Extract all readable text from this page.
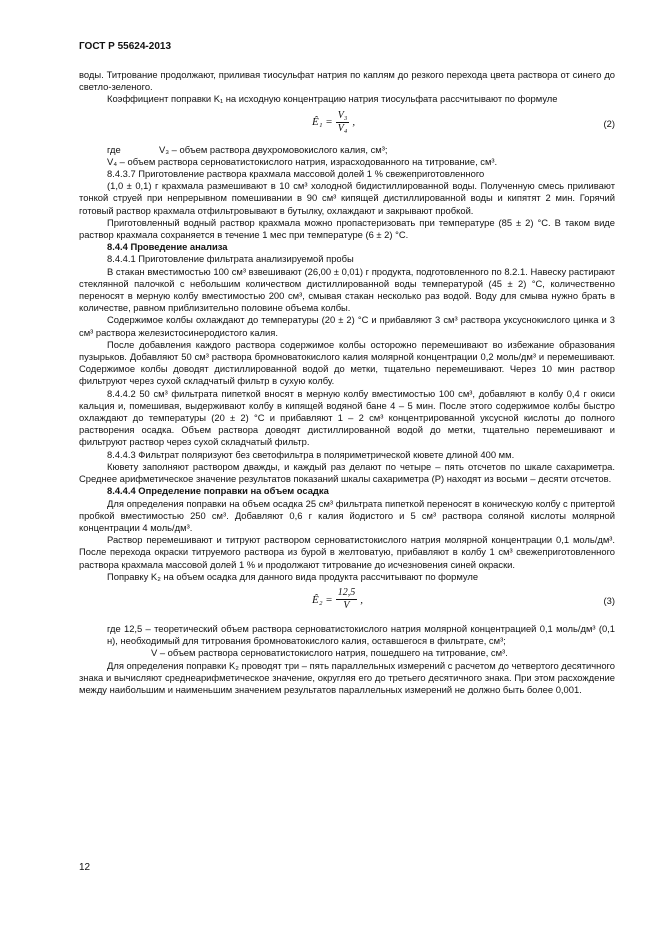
ГОСТ Р 55624-2013

воды. Титрование продолжают, приливая тиосульфат натрия по каплям до резкого перехода цвета раствора от синего до светло-зеленого.

Коэффициент поправки K₁ на исходную концентрацию натрия тиосульфата рассчитывают по формуле

Ê₁ = $\frac{\text{V₃}}{\text{V₄}}$ ,	(2)
где	V₃ – объем раствора двухромовокислого калия, см³;

V₄ – объем раствора серноватистокислого натрия, израсходованного на титрование, см³.

8.4.3.7 Приготовление раствора крахмала массовой долей 1 % свежеприготовленного

(1,0 ± 0,1) г крахмала размешивают в 10 см³ холодной бидистиллированной воды. Полученную смесь приливают тонкой струей при непрерывном помешивании в 90 см³ кипящей дистиллированной воды и кипятят 2 мин. Горячий готовый раствор крахмала отфильтровывают в бутылку, охлаждают и закрывают пробкой.

Приготовленный водный раствор крахмала можно пропастеризовать при температуре (85 ± 2) °С. В таком виде раствор крахмала сохраняется в течение 1 мес при температуре (6 ± 2) °С.

8.4.4 Проведение анализа

8.4.4.1 Приготовление фильтрата анализируемой пробы

В стакан вместимостью 100 см³ взвешивают (26,00 ± 0,01) г продукта, подготовленного по 8.2.1. Навеску растирают стеклянной палочкой с небольшим количеством дистиллированной воды температурой (45 ± 2) °С, количественно переносят в мерную колбу вместимостью 200 см³, смывая стакан несколько раз водой. Воду для смыва нужно брать в количестве, равном приблизительно половине объема колбы.

Содержимое колбы охлаждают до температуры (20 ± 2) °С и прибавляют 3 см³ раствора уксуснокислого цинка и 3 см³ раствора железистосинеродистого калия.

После добавления каждого раствора содержимое колбы осторожно перемешивают во избежание образования пузырьков. Добавляют 50 см³ раствора бромноватокислого калия молярной концентрации 0,2 моль/дм³ и перемешивают. Содержимое колбы доводят дистиллированной водой до метки, тщательно перемешивают. Через 10 мин раствор фильтруют через сухой складчатый фильтр в сухую колбу.

8.4.4.2 50 см³ фильтрата пипеткой вносят в мерную колбу вместимостью 100 см³, добавляют в колбу 0,4 г окиси кальция и, помешивая, выдерживают колбу в кипящей водяной бане 4 – 5 мин. После этого содержимое колбы быстро охлаждают до температуры (20 ± 2) °С и прибавляют 1 – 2 см³ концентрированной уксусной кислоты до полного растворения осадка. Объем раствора доводят дистиллированной водой до метки, тщательно перемешивают и фильтруют раствор через сухой складчатый фильтр.

8.4.4.3 Фильтрат поляризуют без светофильтра в поляриметрической кювете длиной 400 мм.

Кювету заполняют раствором дважды, и каждый раз делают по четыре – пять отсчетов по шкале сахариметра. Среднее арифметическое значение результатов показаний шкалы сахариметра (P) находят из восьми – десяти отсчетов.

8.4.4.4 Определение поправки на объем осадка

Для определения поправки на объем осадка 25 см³ фильтрата пипеткой переносят в коническую колбу с притертой пробкой вместимостью 250 см³. Добавляют 0,6 г калия йодистого и 5 см³ раствора соляной кислоты молярной концентрации 4 моль/дм³.

Раствор перемешивают и титруют раствором серноватистокислого натрия молярной концентрации 0,1 моль/дм³. После перехода окраски титруемого раствора из бурой в желтоватую, прибавляют в колбу 1 см³ свежеприготовленного раствора крахмала массовой долей 1 % и продолжают титрование до исчезновения синей окраски.

Поправку K₂ на объем осадка для данного вида продукта рассчитывают по формуле

Ê₂ = $\frac{12,5}{V}$ ,	(3)

где 12,5 – теоретический объем раствора серноватистокислого натрия молярной концентрацией 0,1 моль/дм³ (0,1 н), необходимый для титрования бромноватокислого калия, оставшегося в фильтрате, см³;

V – объем раствора серноватистокислого натрия, пошедшего на титрование, см³.

Для определения поправки K₂ проводят три – пять параллельных измерений с расчетом до четвертого десятичного знака и вычисляют среднеарифметическое значение, округляя его до третьего десятичного знака. При этом расхождение между наибольшим и наименьшим значением результатов параллельных измерений не должно быть более 0,001.

12
